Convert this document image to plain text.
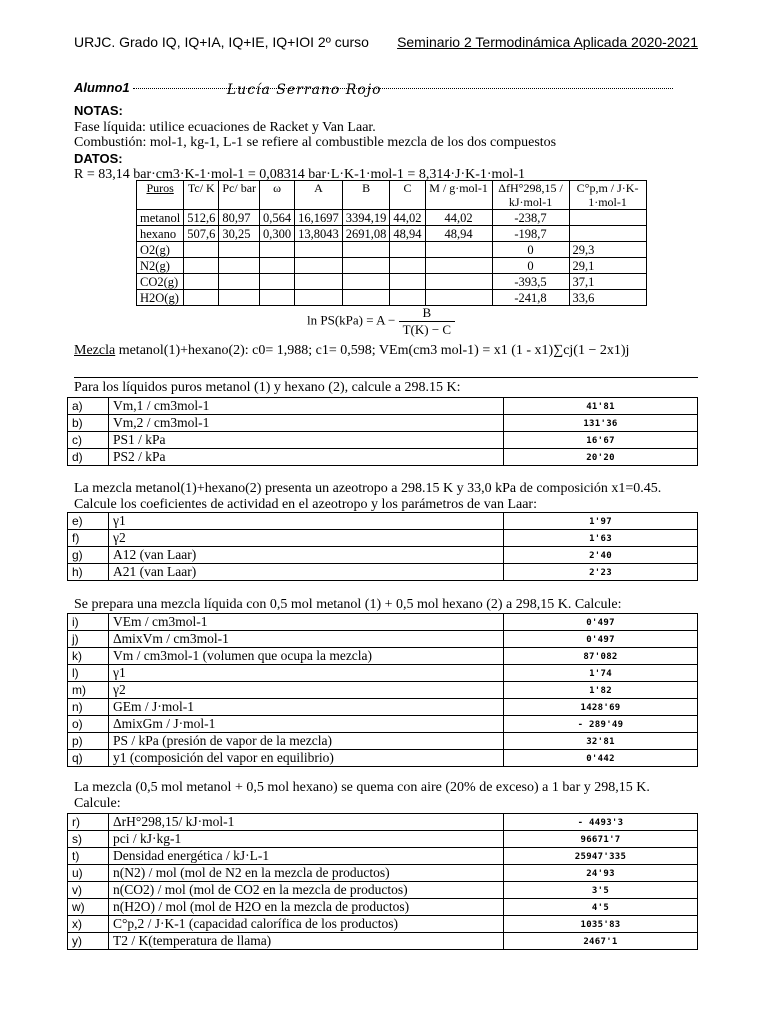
URJC. Grado IQ, IQ+IA, IQ+IE, IQ+IOI 2º curso Seminario 2 Termodinámica Aplicada 2020-2021
Alumno1	Lucía Serrano Rojo
NOTAS:
Fase líquida: utilice ecuaciones de Racket y Van Laar.
Combustión: mol-1, kg-1, L-1 se refiere al combustible mezcla de los dos compuestos
DATOS:
R = 83,14 bar·cm3·K-1·mol-1 = 0,08314 bar·L·K-1·mol-1 = 8,314·J·K-1·mol-1
Puros	Tc/ K	Pc/ bar	ω	A	B	C	M / g·mol-1	ΔfH°298,15 / kJ·mol-1	C°p,m / J·K-1·mol-1
metanol	512,6	80,97	0,564	16,1697	3394,19	44,02	44,02	-238,7	
hexano	507,6	30,25	0,300	13,8043	2691,08	48,94	48,94	-198,7	
O2(g)								0	29,3
N2(g)								0	29,1
CO2(g)								-393,5	37,1
H2O(g)								-241,8	33,6
$\ln PS(kPa) = A - \frac{B}{T(K) - C}$
Mezcla metanol(1)+hexano(2): c0= 1,988; c1= 0,598; VEm(cm3 mol-1) = x1 (1 - x1)∑cj(1 − 2x1)j
Para los líquidos puros metanol (1) y hexano (2), calcule a 298.15 K:
a)	Vm,1 / cm3mol-1	41'81
b)	Vm,2 / cm3mol-1	131'36
c)	PS1 / kPa	16'67
d)	PS2 / kPa	20'20
La mezcla metanol(1)+hexano(2) presenta un azeotropo a 298.15 K y 33,0 kPa de composición x1=0.45.
Calcule los coeficientes de actividad en el azeotropo y los parámetros de van Laar:
e)	γ1	1'97
f)	γ2	1'63
g)	A12 (van Laar)	2'40
h)	A21 (van Laar)	2'23
Se prepara una mezcla líquida con 0,5 mol metanol (1) + 0,5 mol hexano (2) a 298,15 K. Calcule:
i)	VEm / cm3mol-1	0'497
j)	ΔmixVm / cm3mol-1	0'497
k)	Vm / cm3mol-1 (volumen que ocupa la mezcla)	87'082
l)	γ1	1'74
m)	γ2	1'82
n)	GEm / J·mol-1	1428'69
o)	ΔmixGm / J·mol-1	- 289'49
p)	PS / kPa (presión de vapor de la mezcla)	32'81
q)	y1 (composición del vapor en equilibrio)	0'442
La mezcla (0,5 mol metanol + 0,5 mol hexano) se quema con aire (20% de exceso) a 1 bar y 298,15 K.
Calcule:
r)	ΔrH°298,15/ kJ·mol-1	- 4493'3
s)	pci / kJ·kg-1	96671'7
t)	Densidad energética / kJ·L-1	25947'335
u)	n(N2) / mol (mol de N2 en la mezcla de productos)	24'93
v)	n(CO2) / mol (mol de CO2 en la mezcla de productos)	3'5
w)	n(H2O) / mol (mol de H2O en la mezcla de productos)	4'5
x)	C°p,2 / J·K-1 (capacidad calorífica de los productos)	1035'83
y)	T2 / K(temperatura de llama)	2467'1
